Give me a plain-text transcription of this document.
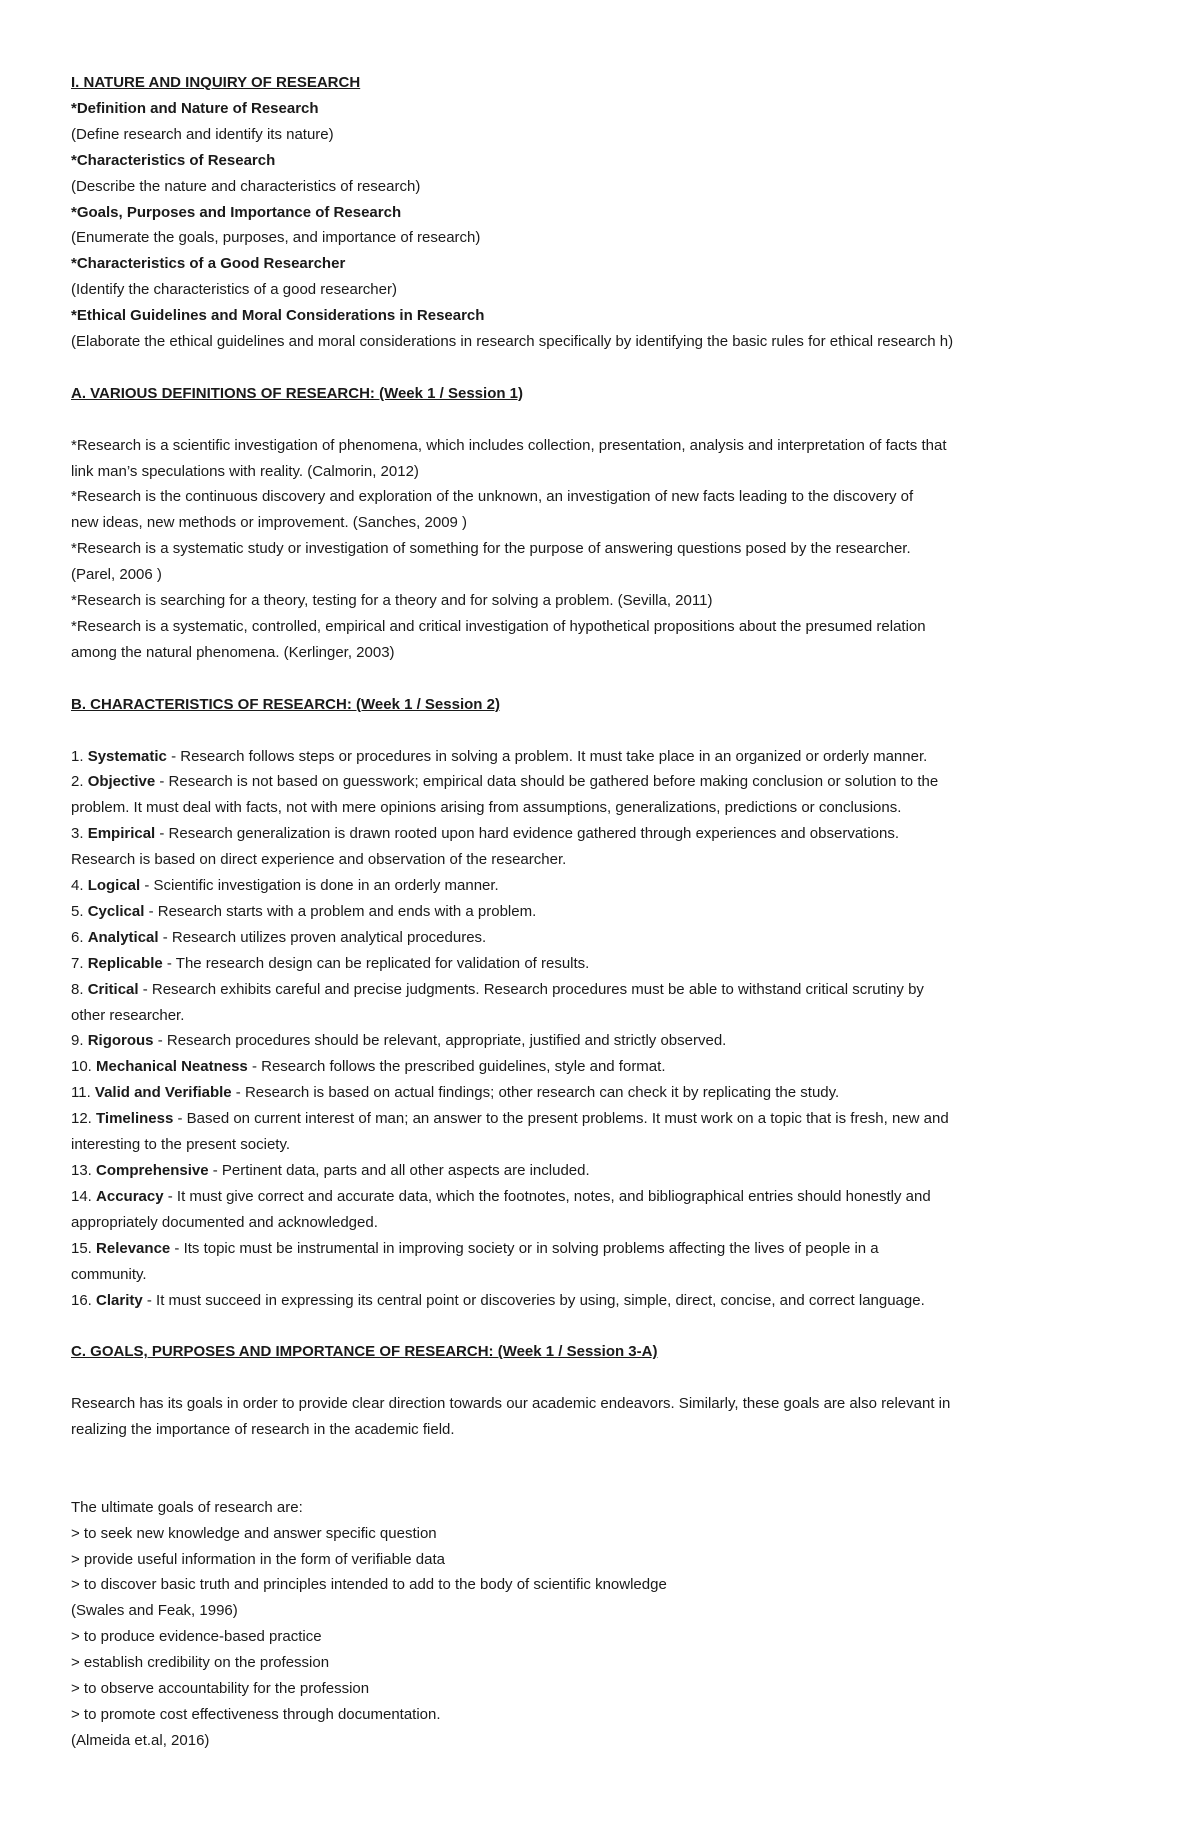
I. NATURE AND INQUIRY OF RESEARCH
*Definition and Nature of Research
(Define research and identify its nature)
*Characteristics of Research
(Describe the nature and characteristics of research)
*Goals, Purposes and Importance of Research
(Enumerate the goals, purposes, and importance of research)
*Characteristics of a Good Researcher
(Identify the characteristics of a good researcher)
*Ethical Guidelines and Moral Considerations in Research
(Elaborate the ethical guidelines and moral considerations in research specifically by identifying the basic rules for ethical research h)
A. VARIOUS DEFINITIONS OF RESEARCH: (Week 1 / Session 1)
*Research is a scientific investigation of phenomena, which includes collection, presentation, analysis and interpretation of facts that
link man’s speculations with reality. (Calmorin, 2012)
*Research is the continuous discovery and exploration of the unknown, an investigation of new facts leading to the discovery of
new ideas, new methods or improvement. (Sanches, 2009 )
*Research is a systematic study or investigation of something for the purpose of answering questions posed by the researcher.
(Parel, 2006 )
*Research is searching for a theory, testing for a theory and for solving a problem. (Sevilla, 2011)
*Research is a systematic, controlled, empirical and critical investigation of hypothetical propositions about the presumed relation
among the natural phenomena. (Kerlinger, 2003)
B. CHARACTERISTICS OF RESEARCH: (Week 1 / Session 2)
1. Systematic - Research follows steps or procedures in solving a problem. It must take place in an organized or orderly manner.
2. Objective - Research is not based on guesswork; empirical data should be gathered before making conclusion or solution to the
problem. It must deal with facts, not with mere opinions arising from assumptions, generalizations, predictions or conclusions.
3. Empirical - Research generalization is drawn rooted upon hard evidence gathered through experiences and observations.
Research is based on direct experience and observation of the researcher.
4. Logical - Scientific investigation is done in an orderly manner.
5. Cyclical - Research starts with a problem and ends with a problem.
6. Analytical - Research utilizes proven analytical procedures.
7. Replicable - The research design can be replicated for validation of results.
8. Critical - Research exhibits careful and precise judgments. Research procedures must be able to withstand critical scrutiny by
other researcher.
9. Rigorous - Research procedures should be relevant, appropriate, justified and strictly observed.
10. Mechanical Neatness - Research follows the prescribed guidelines, style and format.
11. Valid and Verifiable - Research is based on actual findings; other research can check it by replicating the study.
12. Timeliness - Based on current interest of man; an answer to the present problems. It must work on a topic that is fresh, new and
interesting to the present society.
13. Comprehensive - Pertinent data, parts and all other aspects are included.
14. Accuracy - It must give correct and accurate data, which the footnotes, notes, and bibliographical entries should honestly and
appropriately documented and acknowledged.
15. Relevance - Its topic must be instrumental in improving society or in solving problems affecting the lives of people in a
community.
16. Clarity - It must succeed in expressing its central point or discoveries by using, simple, direct, concise, and correct language.
C. GOALS, PURPOSES AND IMPORTANCE OF RESEARCH: (Week 1 / Session 3-A)
Research has its goals in order to provide clear direction towards our academic endeavors. Similarly, these goals are also relevant in
realizing the importance of research in the academic field.
The ultimate goals of research are:
> to seek new knowledge and answer specific question
> provide useful information in the form of verifiable data
> to discover basic truth and principles intended to add to the body of scientific knowledge
(Swales and Feak, 1996)
> to produce evidence-based practice
> establish credibility on the profession
> to observe accountability for the profession
> to promote cost effectiveness through documentation.
(Almeida et.al, 2016)
